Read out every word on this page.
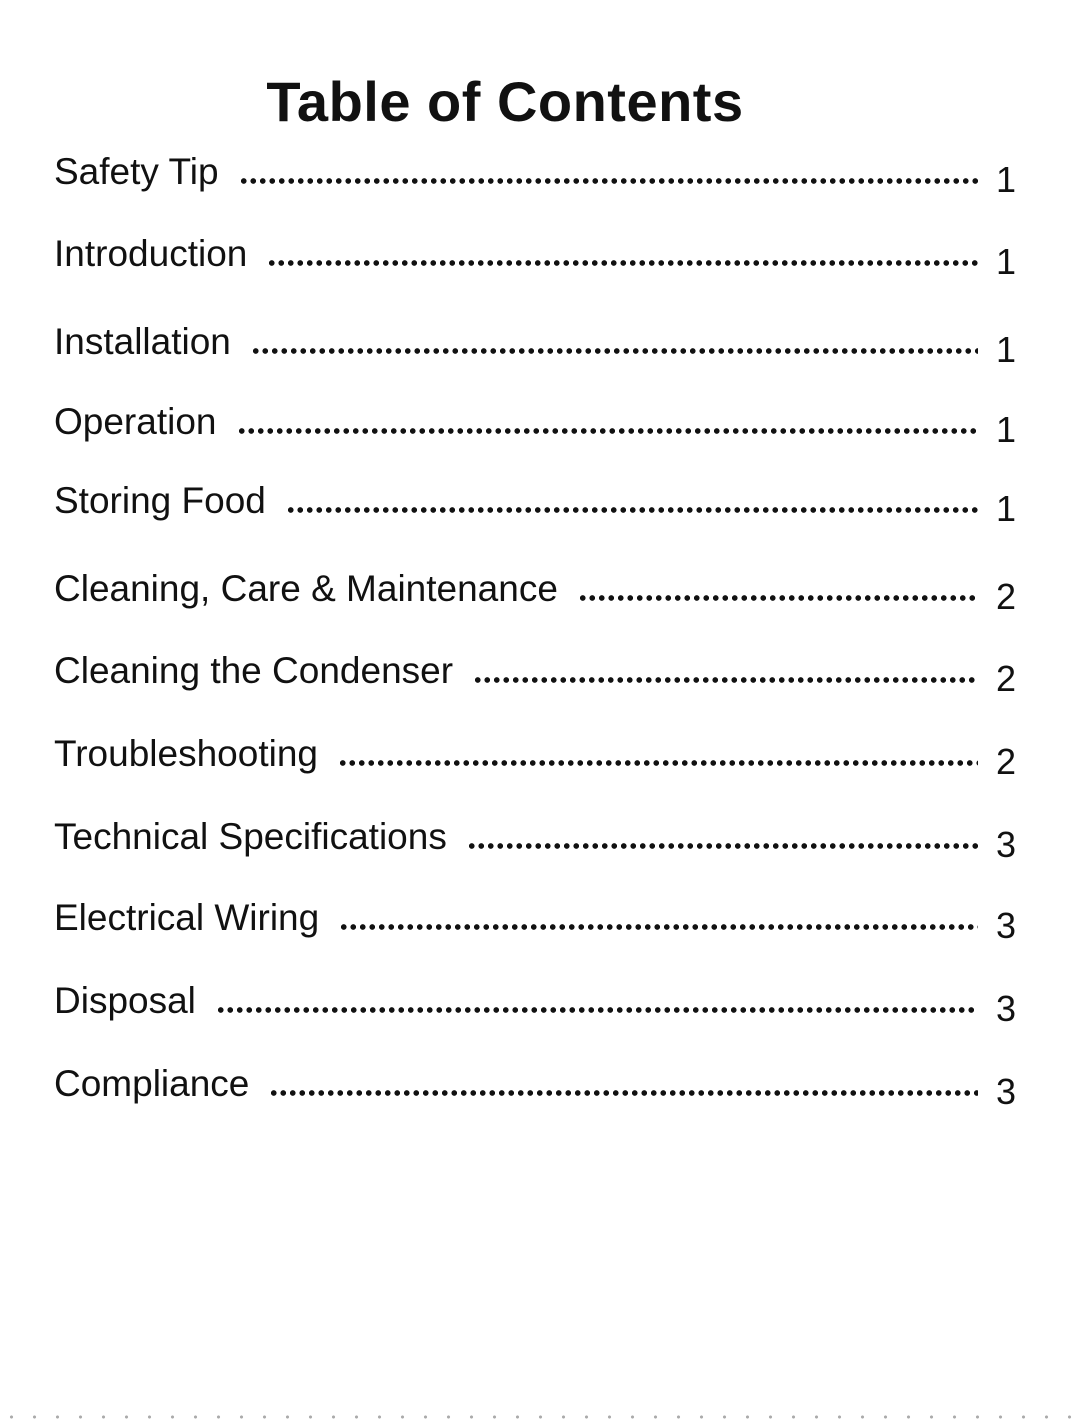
Table of Contents
Safety Tip	1
Introduction	1
Installation	1
Operation	1
Storing Food	1
Cleaning, Care & Maintenance	2
Cleaning the Condenser	2
Troubleshooting	2
Technical Specifications	3
Electrical Wiring	3
Disposal	3
Compliance	3
